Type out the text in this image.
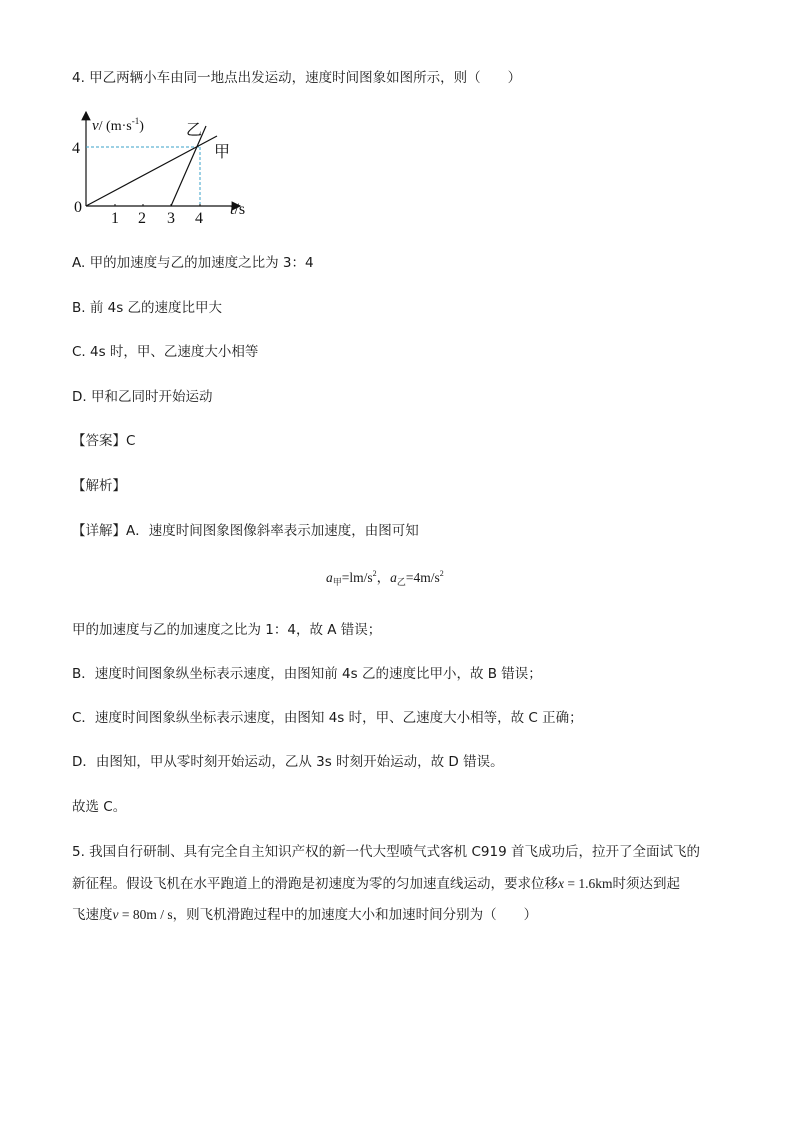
4. 甲乙两辆小车由同一地点出发运动，速度时间图象如图所示，则（　　）
v/ $(m\cdot s^{-1})$
4
0
1 2 3 4
t/s
乙
甲
A. 甲的加速度与乙的加速度之比为 3：4
B. 前 4s 乙的速度比甲大
C. 4s 时，甲、乙速度大小相等
D. 甲和乙同时开始运动
【答案】C
【解析】
【详解】A．速度时间图象图像斜率表示加速度，由图可知
$a_甲=lm/s^2$，$a_乙=4m/s^2$
甲的加速度与乙的加速度之比为 1：4，故 A 错误；
B．速度时间图象纵坐标表示速度，由图知前 4s 乙的速度比甲小，故 B 错误；
C．速度时间图象纵坐标表示速度，由图知 4s 时，甲、乙速度大小相等，故 C 正确；
D．由图知，甲从零时刻开始运动，乙从 3s 时刻开始运动，故 D 错误。
故选 C。
5. 我国自行研制、具有完全自主知识产权的新一代大型喷气式客机 C919 首飞成功后，拉开了全面试飞的
新征程。假设飞机在水平跑道上的滑跑是初速度为零的匀加速直线运动，要求位移x = 1.6km时须达到起
飞速度v = 80m / s，则飞机滑跑过程中的加速度大小和加速时间分别为（　　）
